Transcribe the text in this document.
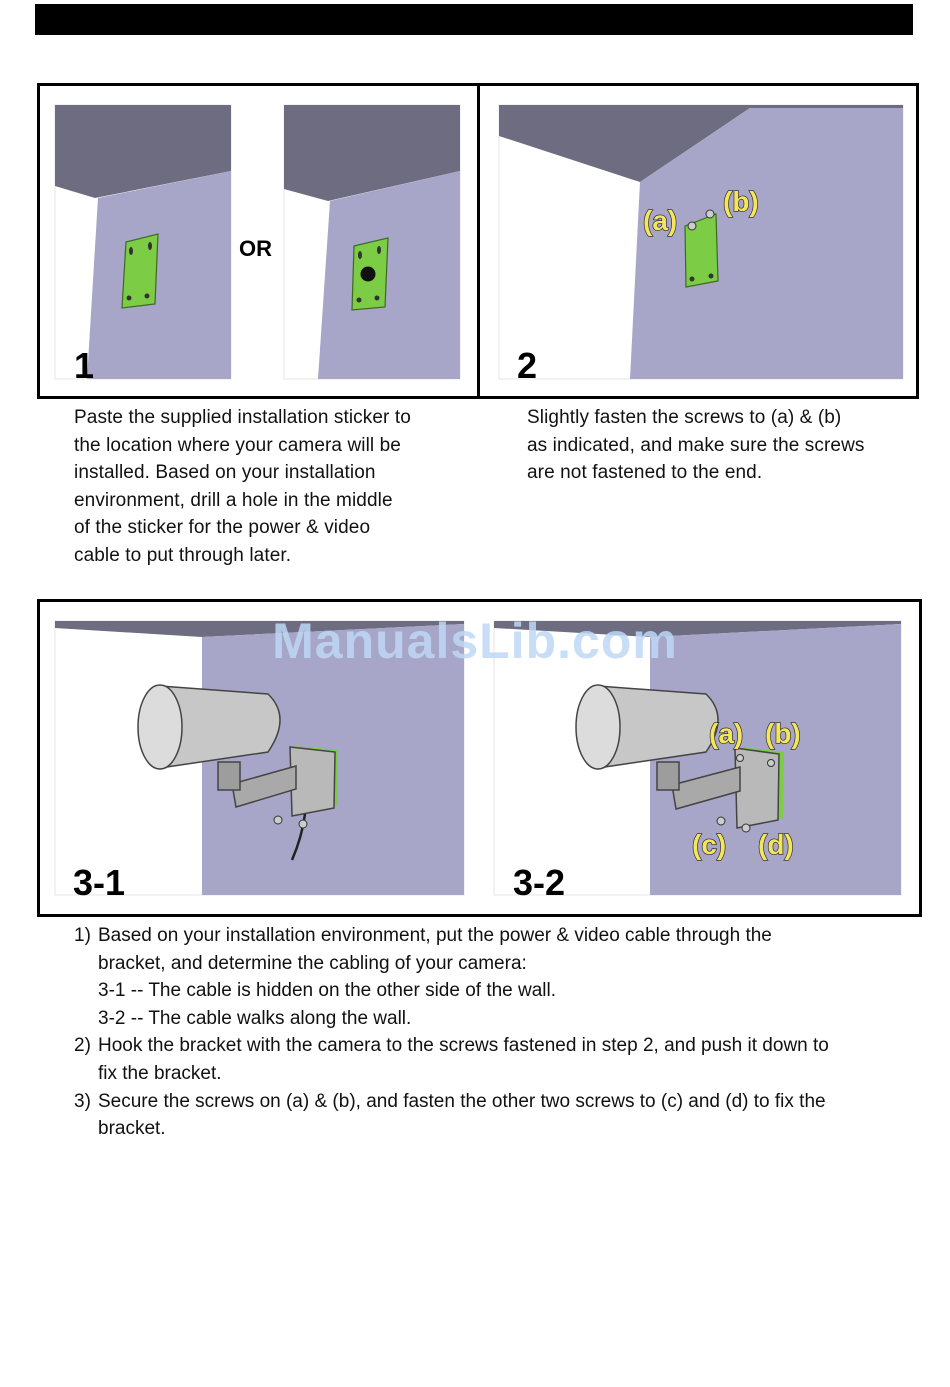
1
OR
(a)
(b)
2

Paste the supplied installation sticker to

the location where your camera will be

installed. Based on your installation

environment, drill a hole in the middle

of the sticker for the power & video

cable to put through later.

Slightly fasten the screws to (a) & (b)

as indicated, and make sure the screws

are not fastened to the end.

3-1
(a) (b)
(c) (d)
3-2
ManualsLib.com
1) Based on your installation environment, put the power & video cable through the
bracket, and determine the cabling of your camera:
3-1 -- The cable is hidden on the other side of the wall.
3-2 -- The cable walks along the wall.
2) Hook the bracket with the camera to the screws fastened in step 2, and push it down to
fix the bracket.
3) Secure the screws on (a) & (b), and fasten the other two screws to (c) and (d) to fix the
bracket.
